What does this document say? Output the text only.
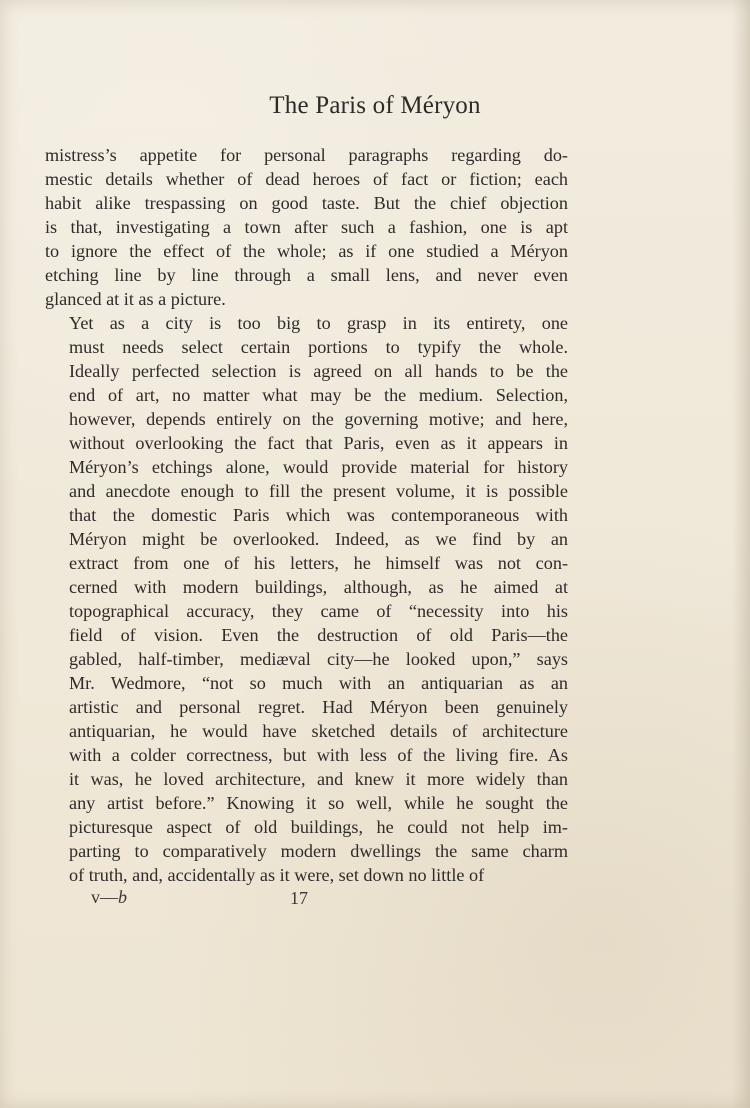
The Paris of Méryon

mistress’s appetite for personal paragraphs regarding do-
mestic details whether of dead heroes of fact or fiction; each
habit alike trespassing on good taste. But the chief objection
is that, investigating a town after such a fashion, one is apt
to ignore the effect of the whole; as if one studied a Méryon
etching line by line through a small lens, and never even
glanced at it as a picture.

Yet as a city is too big to grasp in its entirety, one
must needs select certain portions to typify the whole.
Ideally perfected selection is agreed on all hands to be the
end of art, no matter what may be the medium. Selection,
however, depends entirely on the governing motive; and here,
without overlooking the fact that Paris, even as it appears in
Méryon’s etchings alone, would provide material for history
and anecdote enough to fill the present volume, it is possible
that the domestic Paris which was contemporaneous with
Méryon might be overlooked. Indeed, as we find by an
extract from one of his letters, he himself was not con-
cerned with modern buildings, although, as he aimed at
topographical accuracy, they came of “necessity into his
field of vision. Even the destruction of old Paris—the
gabled, half-timber, mediæval city—he looked upon,” says
Mr. Wedmore, “not so much with an antiquarian as an
artistic and personal regret. Had Méryon been genuinely
antiquarian, he would have sketched details of architecture
with a colder correctness, but with less of the living fire. As
it was, he loved architecture, and knew it more widely than
any artist before.” Knowing it so well, while he sought the
picturesque aspect of old buildings, he could not help im-
parting to comparatively modern dwellings the same charm
of truth, and, accidentally as it were, set down no little of

v—b	17
